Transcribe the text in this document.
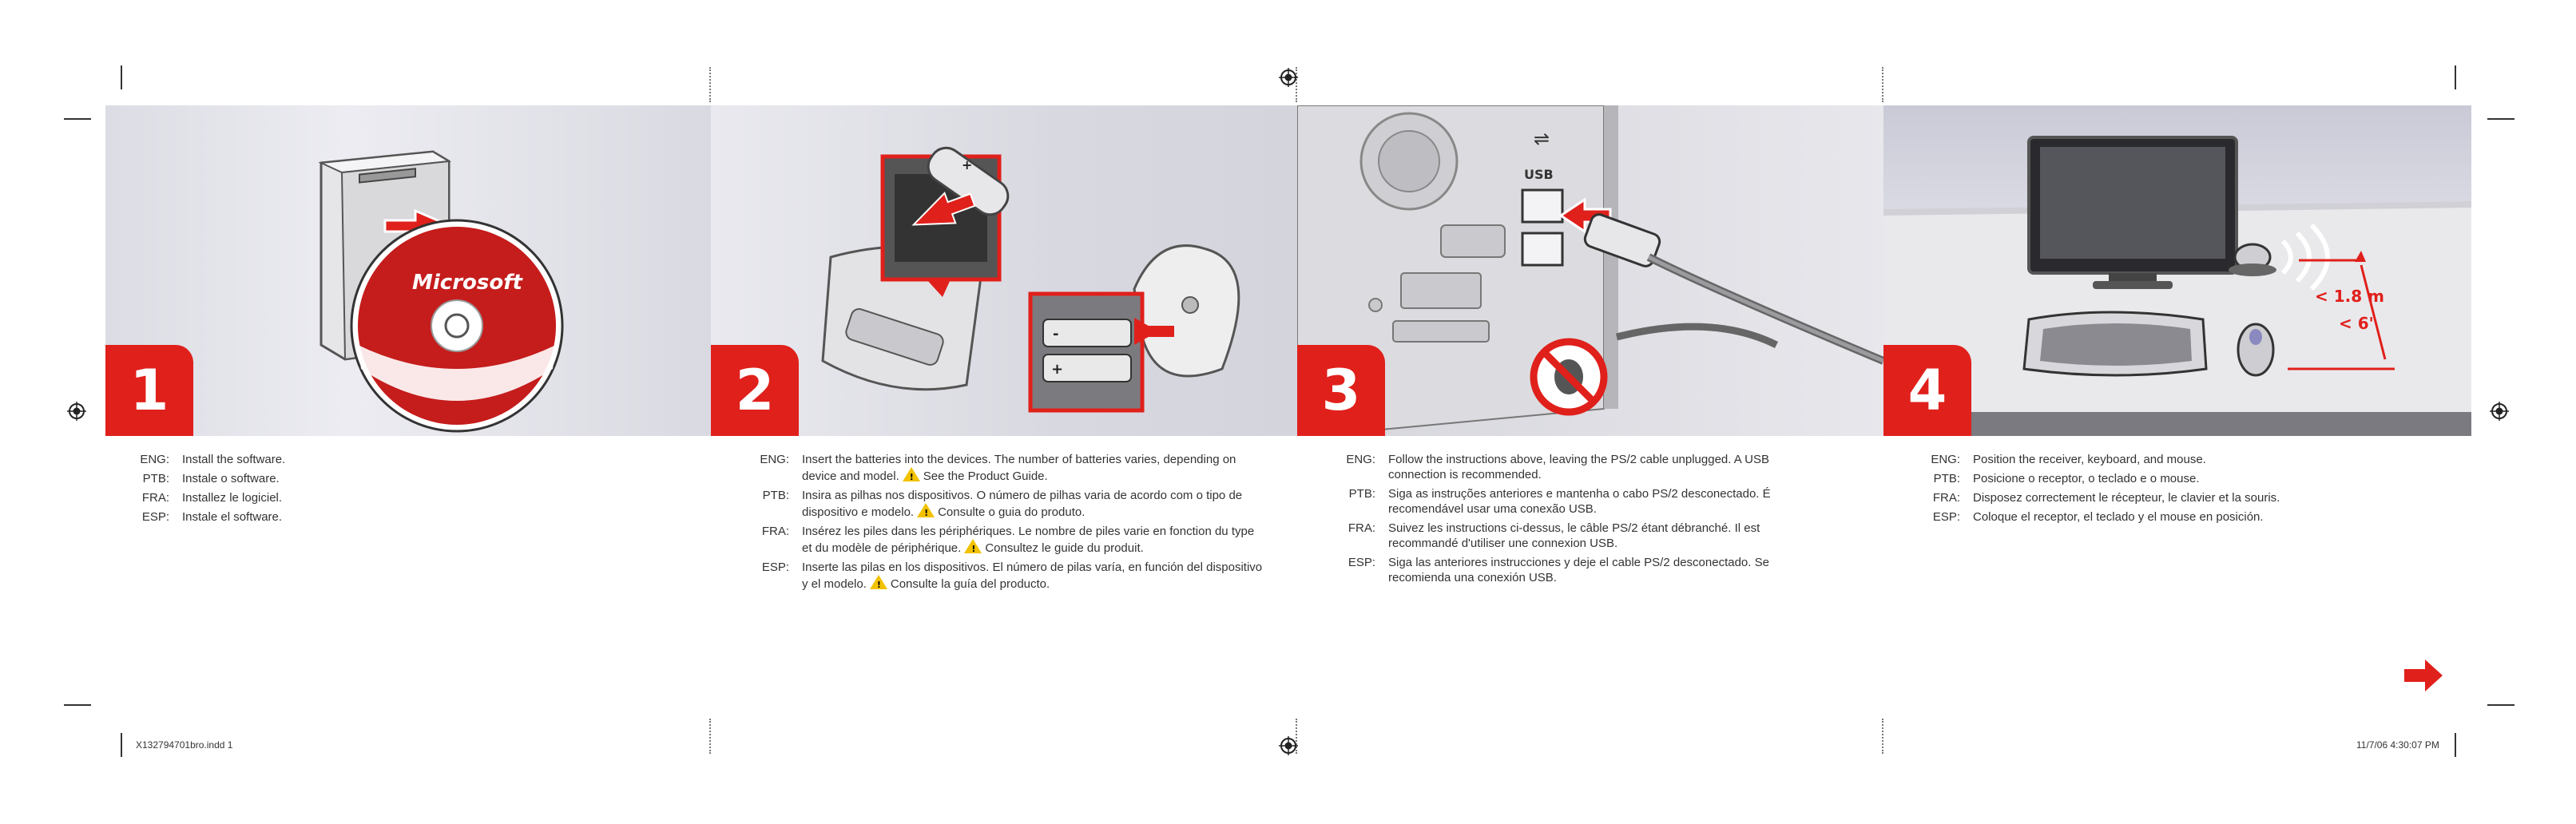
Microsoft
1
+
-
+
2
USB
⇌
3
< 1.8 m
< 6'
4
ENG:	Install the software.
PTB:	Instale o software.
FRA:	Installez le logiciel.
ESP:	Instale el software.
ENG:	Insert the batteries into the devices. The number of batteries varies, depending on device and model. ! See the Product Guide.
PTB:	Insira as pilhas nos dispositivos. O número de pilhas varia de acordo com o tipo de dispositivo e modelo. ! Consulte o guia do produto.
FRA:	Insérez les piles dans les périphériques. Le nombre de piles varie en fonction du type et du modèle de périphérique. ! Consultez le guide du produit.
ESP:	Inserte las pilas en los dispositivos. El número de pilas varía, en función del dispositivo y el modelo. ! Consulte la guía del producto.
ENG:	Follow the instructions above, leaving the PS/2 cable unplugged. A USB connection is recommended.
PTB:	Siga as instruções anteriores e mantenha o cabo PS/2 desconectado. É recomendável usar uma conexão USB.
FRA:	Suivez les instructions ci-dessus, le câble PS/2 étant débranché. Il est recommandé d'utiliser une connexion USB.
ESP:	Siga las anteriores instrucciones y deje el cable PS/2 desconectado. Se recomienda una conexión USB.
ENG:	Position the receiver, keyboard, and mouse.
PTB:	Posicione o receptor, o teclado e o mouse.
FRA:	Disposez correctement le récepteur, le clavier et la souris.
ESP:	Coloque el receptor, el teclado y el mouse en posición.
X132794701bro.indd 1	11/7/06 4:30:07 PM
